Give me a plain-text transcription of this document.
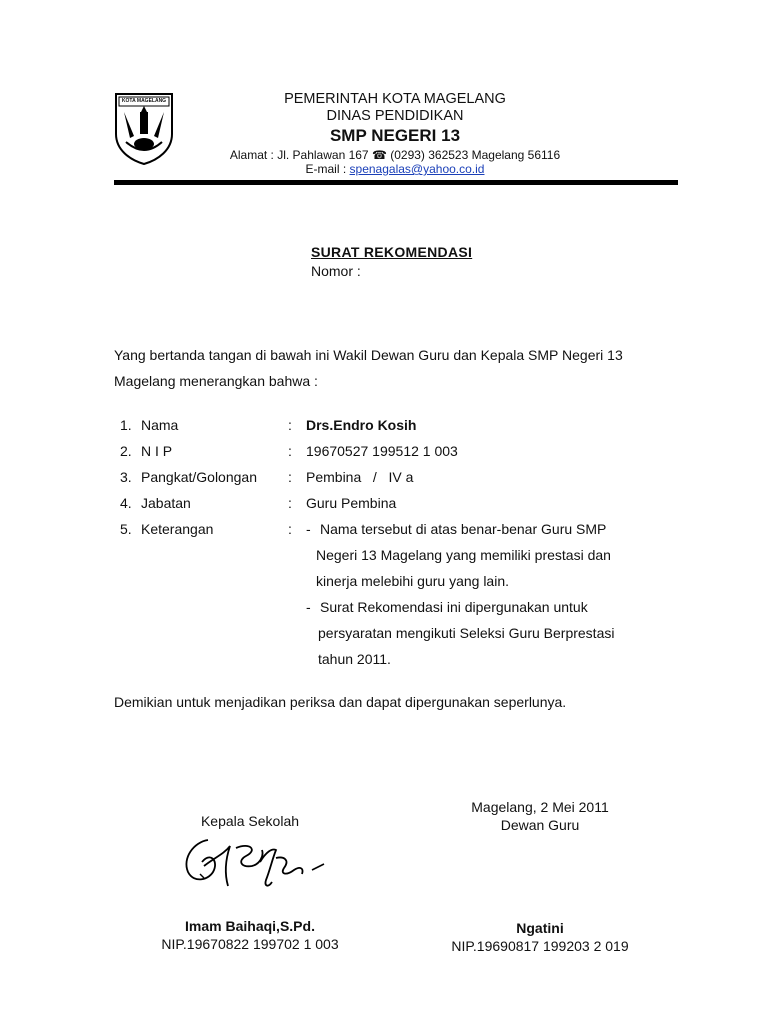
KOTA MAGELANG	PEMERINTAH KOTA MAGELANG
DINAS PENDIDIKAN
SMP NEGERI 13
Alamat : Jl. Pahlawan 167 ☎ (0293) 362523 Magelang 56116
E-mail : spenagalas@yahoo.co.id
SURAT REKOMENDASI
Nomor :
Yang bertanda tangan di bawah ini Wakil Dewan Guru dan Kepala SMP Negeri 13 Magelang menerangkan bahwa :
1. Nama	: Drs.Endro Kosih
2. N I P	: 19670527 199512 1 003
3. Pangkat/Golongan : Pembina   /   IV a
4. Jabatan	: Guru Pembina
5. Keterangan	: - Nama tersebut di atas benar-benar Guru SMP
Negeri 13 Magelang yang memiliki prestasi dan
kinerja melebihi guru yang lain.
- Surat Rekomendasi ini dipergunakan untuk
persyaratan mengikuti Seleksi Guru Berprestasi
tahun 2011.
Demikian untuk menjadikan periksa dan dapat dipergunakan seperlunya.
Magelang, 2 Mei 2011
Dewan Guru
Kepala Sekolah
Imam Baihaqi,S.Pd.
NIP.19670822 199702 1 003
Ngatini
NIP.19690817 199203 2 019
